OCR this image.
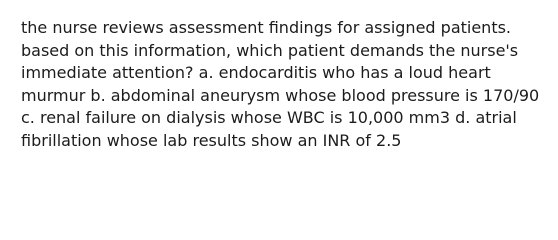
the nurse reviews assessment findings for assigned patients.
based on this information, which patient demands the nurse's
immediate attention? a. endocarditis who has a loud heart
murmur b. abdominal aneurysm whose blood pressure is 170/90
c. renal failure on dialysis whose WBC is 10,000 mm3 d. atrial
fibrillation whose lab results show an INR of 2.5
